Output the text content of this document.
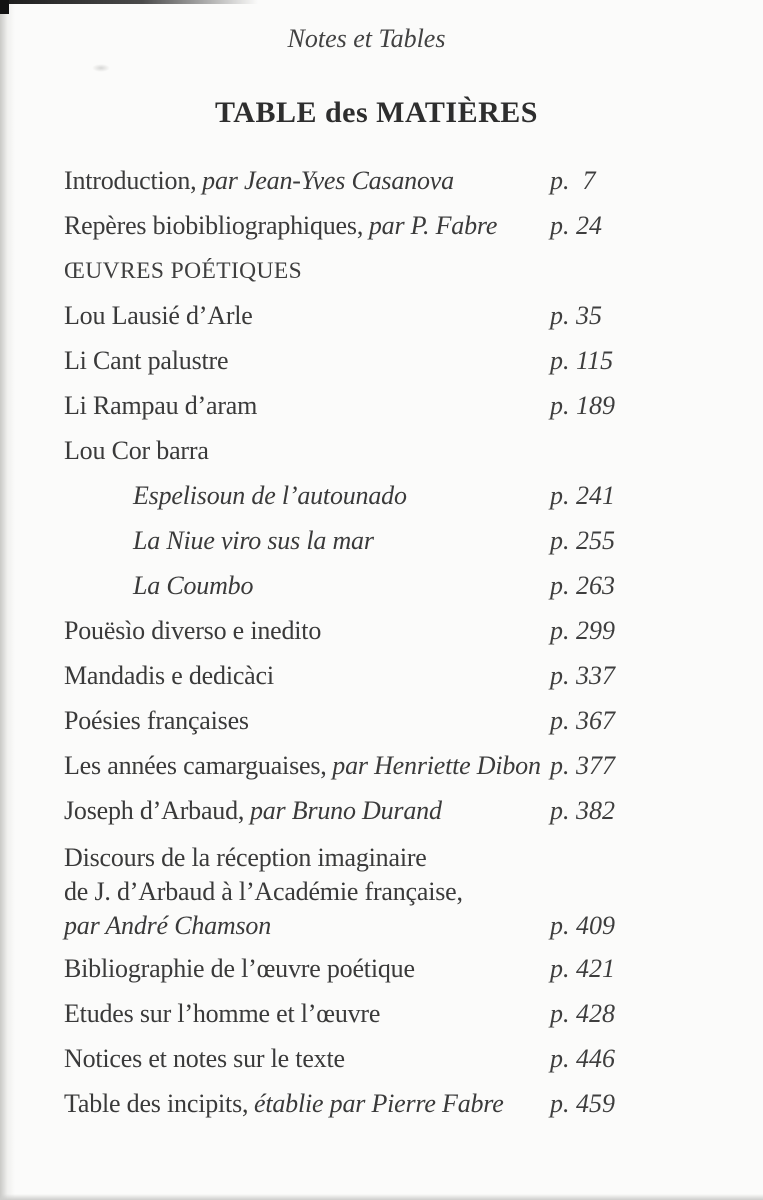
Notes et Tables
TABLE des MATIÈRES
Introduction, par Jean-Yves Casanova	p.  7
Repères biobibliographiques, par P. Fabre	p. 24
ŒUVRES POÉTIQUES
Lou Lausié d’Arle	p. 35
Li Cant palustre	p. 115
Li Rampau d’aram	p. 189
Lou Cor barra
Espelisoun de l’autounado	p. 241
La Niue viro sus la mar	p. 255
La Coumbo	p. 263
Pouësìo diverso e inedito	p. 299
Mandadis e dedicàci	p. 337
Poésies françaises	p. 367
Les années camarguaises, par Henriette Dibon p. 377
Joseph d’Arbaud, par Bruno Durand	p. 382
Discours de la réception imaginaire
de J. d’Arbaud à l’Académie française,
par André Chamson	p. 409
Bibliographie de l’œuvre poétique	p. 421
Etudes sur l’homme et l’œuvre	p. 428
Notices et notes sur le texte	p. 446
Table des incipits, établie par Pierre Fabre	p. 459
